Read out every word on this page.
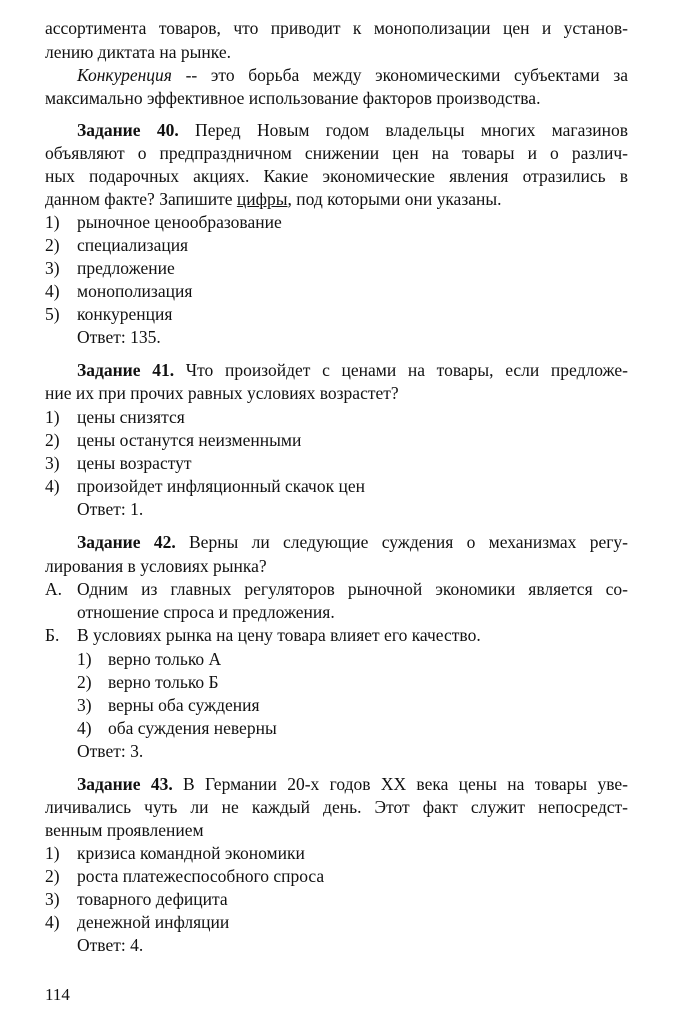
ассортимента товаров, что приводит к монополизации цен и установ-
лению диктата на рынке.
Конкуренция -- это борьба между экономическими субъектами за
максимально эффективное использование факторов производства.
Задание 40. Перед Новым годом владельцы многих магазинов
объявляют о предпраздничном снижении цен на товары и о различ-
ных подарочных акциях. Какие экономические явления отразились в
данном факте? Запишите цифры, под которыми они указаны.
1) рыночное ценообразование
2) специализация
3) предложение
4) монополизация
5) конкуренция
Ответ: 135.
Задание 41. Что произойдет с ценами на товары, если предложе-
ние их при прочих равных условиях возрастет?
1) цены снизятся
2) цены останутся неизменными
3) цены возрастут
4) произойдет инфляционный скачок цен
Ответ: 1.
Задание 42. Верны ли следующие суждения о механизмах регу-
лирования в условиях рынка?
А. Одним из главных регуляторов рыночной экономики является со-
отношение спроса и предложения.
Б. В условиях рынка на цену товара влияет его качество.
1) верно только А
2) верно только Б
3) верны оба суждения
4) оба суждения неверны
Ответ: 3.
Задание 43. В Германии 20-х годов XX века цены на товары уве-
личивались чуть ли не каждый день. Этот факт служит непосредст-
венным проявлением
1) кризиса командной экономики
2) роста платежеспособного спроса
3) товарного дефицита
4) денежной инфляции
Ответ: 4.
114
